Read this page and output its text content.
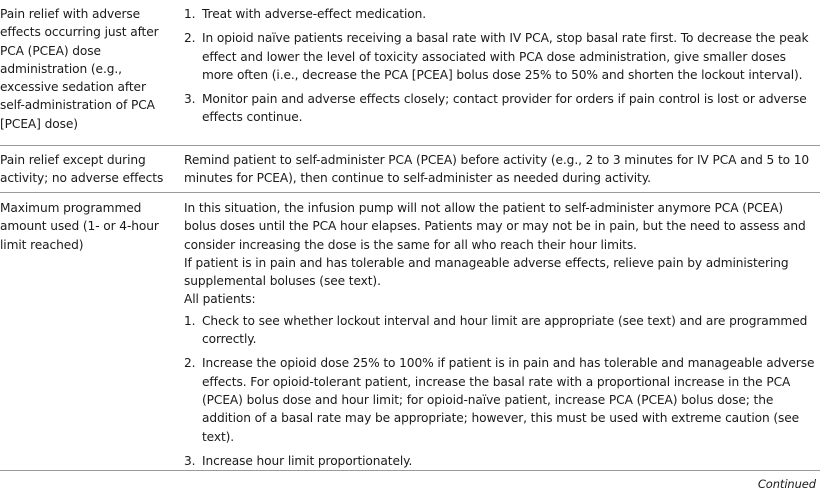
Pain relief with adverse effects occurring just after PCA (PCEA) dose administration (e.g., excessive sedation after self-administration of PCA [PCEA] dose)
1. Treat with adverse-effect medication.
2. In opioid naïve patients receiving a basal rate with IV PCA, stop basal rate first. To decrease the peak effect and lower the level of toxicity associated with PCA dose administration, give smaller doses more often (i.e., decrease the PCA [PCEA] bolus dose 25% to 50% and shorten the lockout interval).
3. Monitor pain and adverse effects closely; contact provider for orders if pain control is lost or adverse effects continue.
Pain relief except during activity; no adverse effects

Remind patient to self-administer PCA (PCEA) before activity (e.g., 2 to 3 minutes for IV PCA and 5 to 10 minutes for PCEA), then continue to self-administer as needed during activity.

Maximum programmed amount used (1- or 4-hour limit reached)

In this situation, the infusion pump will not allow the patient to self-administer anymore PCA (PCEA) bolus doses until the PCA hour elapses. Patients may or may not be in pain, but the need to assess and consider increasing the dose is the same for all who reach their hour limits.

If patient is in pain and has tolerable and manageable adverse effects, relieve pain by administering supplemental boluses (see text).

All patients:

1. Check to see whether lockout interval and hour limit are appropriate (see text) and are programmed correctly.
2. Increase the opioid dose 25% to 100% if patient is in pain and has tolerable and manageable adverse effects. For opioid-tolerant patient, increase the basal rate with a proportional increase in the PCA (PCEA) bolus dose and hour limit; for opioid-naïve patient, increase PCA (PCEA) bolus dose; the addition of a basal rate may be appropriate; however, this must be used with extreme caution (see text).
3. Increase hour limit proportionately.
Continued
